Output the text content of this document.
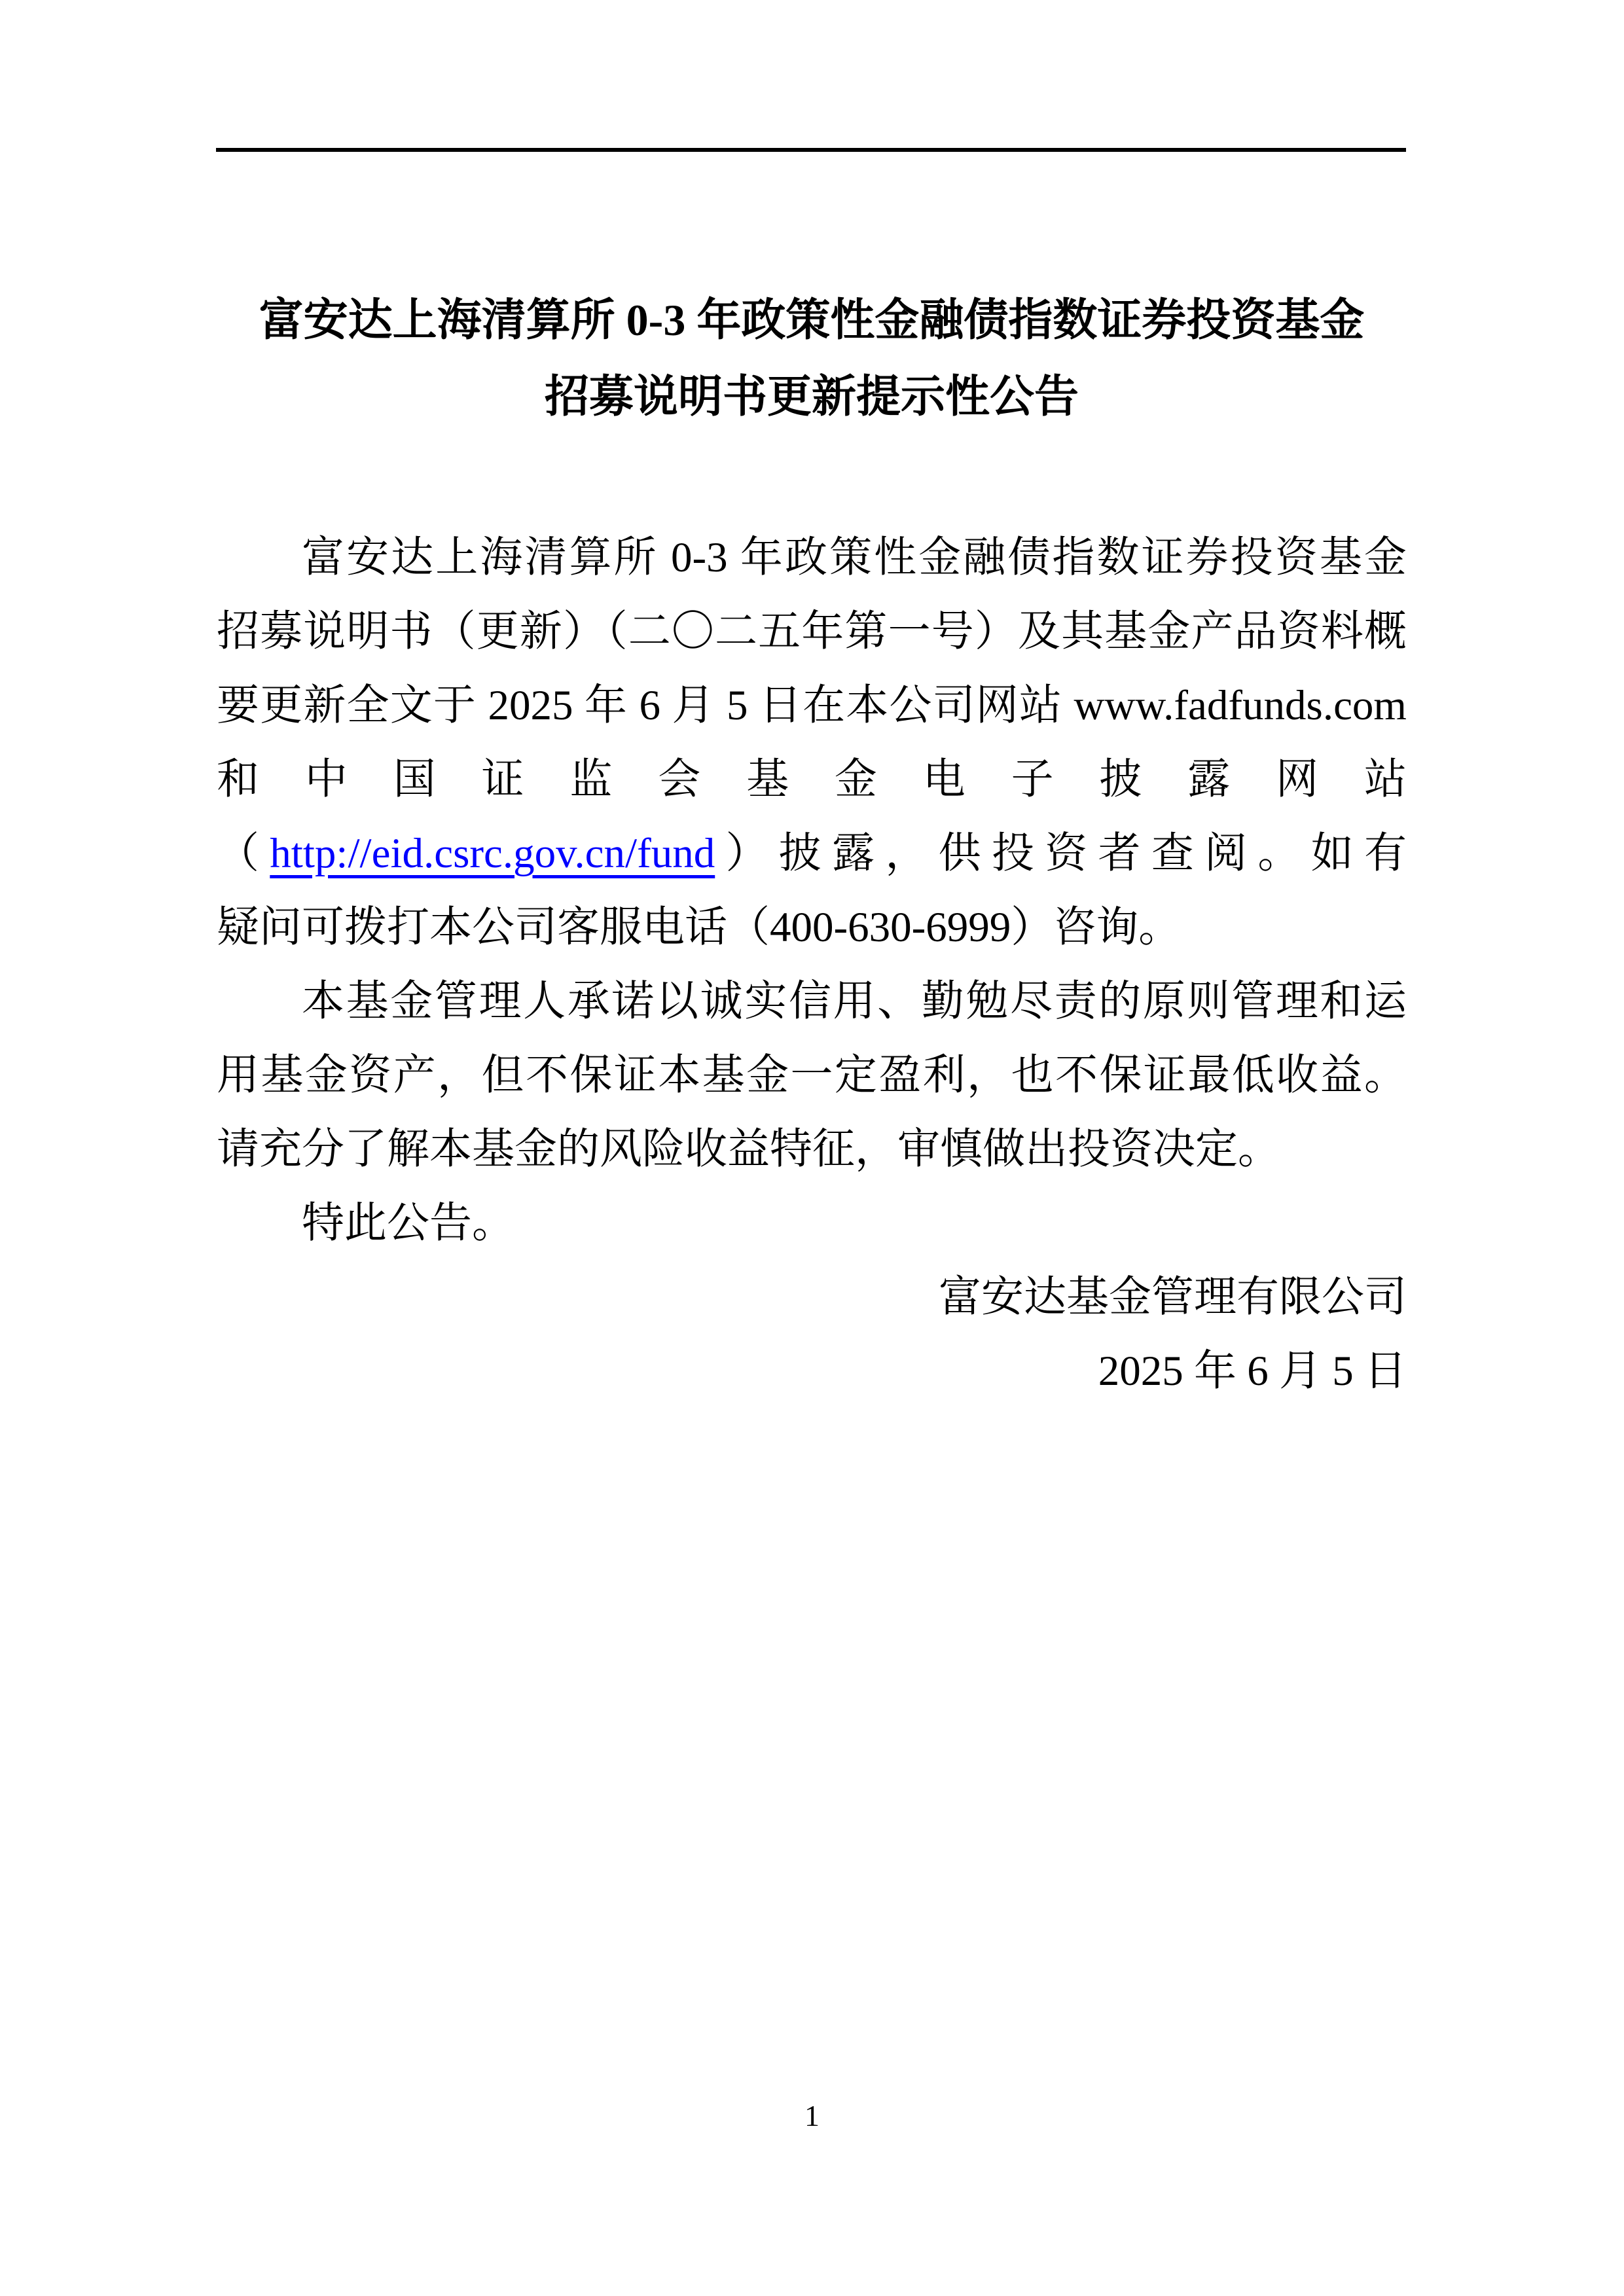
富安达上海清算所 0-3 年政策性金融债指数证券投资基金
招募说明书更新提示性公告
富安达上海清算所 0-3 年政策性金融债指数证券投资基金
招募说明书（更新）（二〇二五年第一号）及其基金产品资料概
要更新全文于 2025 年 6 月 5 日在本公司网站 www.fadfunds.com
和中国证监会基金电子披露网站
（http://eid.csrc.gov.cn/fund）披露，供投资者查阅。如有
疑问可拨打本公司客服电话（400-630-6999）咨询。
本基金管理人承诺以诚实信用、勤勉尽责的原则管理和运
用基金资产，但不保证本基金一定盈利，也不保证最低收益。
请充分了解本基金的风险收益特征，审慎做出投资决定。
特此公告。
富安达基金管理有限公司
2025 年 6 月 5 日
1
